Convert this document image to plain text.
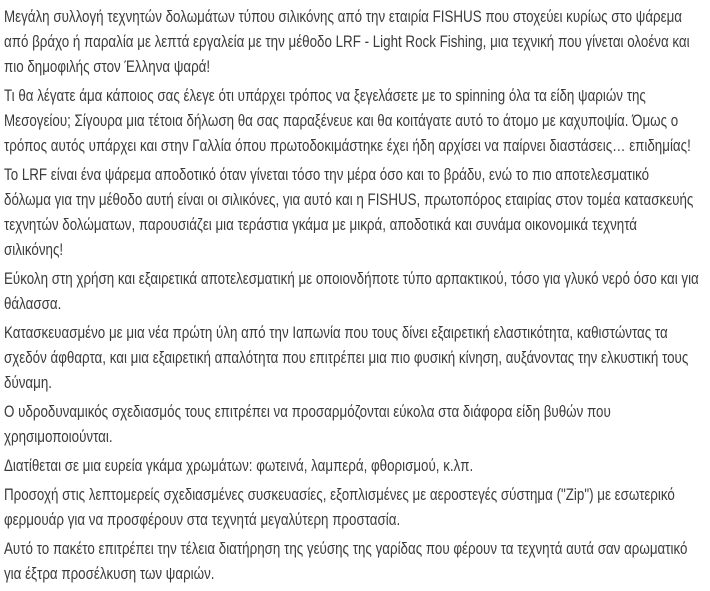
Μεγάλη συλλογή τεχνητών δολωμάτων τύπου σιλικόνης από την εταιρία FISHUS που στοχεύει κυρίως στο ψάρεμα από βράχο ή παραλία με λεπτά εργαλεία με την μέθοδο LRF - Light Rock Fishing, μια τεχνική που γίνεται ολοένα και πιο δημοφιλής στον Έλληνα ψαρά!

Τι θα λέγατε άμα κάποιος σας έλεγε ότι υπάρχει τρόπος να ξεγελάσετε με το spinning όλα τα είδη ψαριών της Μεσογείου; Σίγουρα μια τέτοια δήλωση θα σας παραξένευε και θα κοιτάγατε αυτό το άτομο με καχυποψία. Όμως ο τρόπος αυτός υπάρχει και στην Γαλλία όπου πρωτοδοκιμάστηκε έχει ήδη αρχίσει να παίρνει διαστάσεις… επιδημίας!

Το LRF είναι ένα ψάρεμα αποδοτικό όταν γίνεται τόσο την μέρα όσο και το βράδυ, ενώ το πιο αποτελεσματικό δόλωμα για την μέθοδο αυτή είναι οι σιλικόνες, για αυτό και η FISHUS, πρωτοπόρος εταιρίας στον τομέα κατασκευής τεχνητών δολώματων, παρουσιάζει μια τεράστια γκάμα με μικρά, αποδοτικά και συνάμα οικονομικά τεχνητά σιλικόνης!

Εύκολη στη χρήση και εξαιρετικά αποτελεσματική με οποιονδήποτε τύπο αρπακτικού, τόσο για γλυκό νερό όσο και για θάλασσα.

Κατασκευασμένο με μια νέα πρώτη ύλη από την Ιαπωνία που τους δίνει εξαιρετική ελαστικότητα, καθιστώντας τα σχεδόν άφθαρτα, και μια εξαιρετική απαλότητα που επιτρέπει μια πιο φυσική κίνηση, αυξάνοντας την ελκυστική τους δύναμη.

Ο υδροδυναμικός σχεδιασμός τους επιτρέπει να προσαρμόζονται εύκολα στα διάφορα είδη βυθών που χρησιμοποιούνται.

Διατίθεται σε μια ευρεία γκάμα χρωμάτων: φωτεινά, λαμπερά, φθορισμού, κ.λπ.

Προσοχή στις λεπτομερείς σχεδιασμένες συσκευασίες, εξοπλισμένες με αεροστεγές σύστημα ("Zip") με εσωτερικό φερμουάρ για να προσφέρουν στα τεχνητά μεγαλύτερη προστασία.

Αυτό το πακέτο επιτρέπει την τέλεια διατήρηση της γεύσης της γαρίδας που φέρουν τα τεχνητά αυτά σαν αρωματικό για έξτρα προσέλκυση των ψαριών.
